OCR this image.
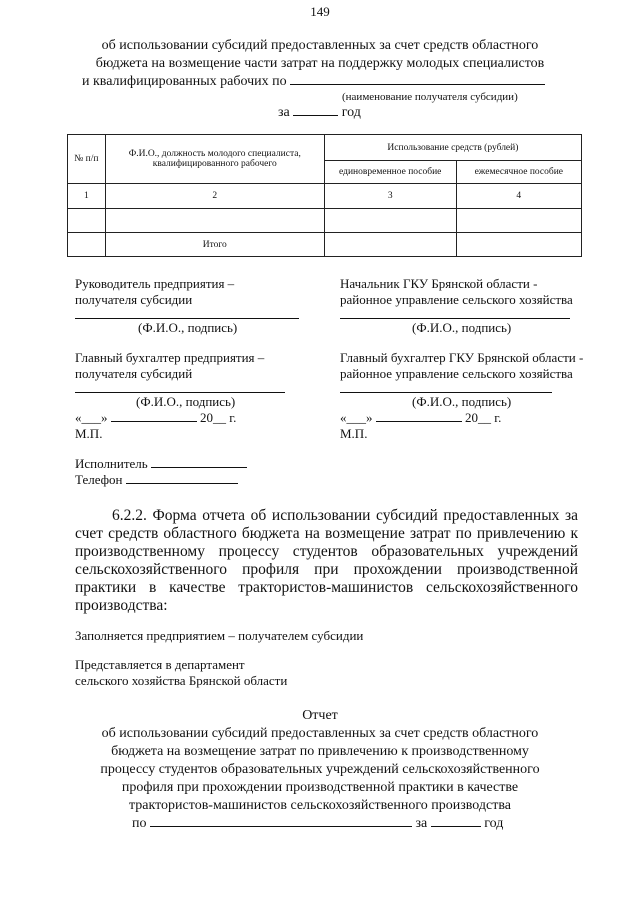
149
об использовании субсидий предоставленных за счет средств областного
бюджета на возмещение части затрат на поддержку молодых специалистов
и квалифицированных рабочих по
(наименование получателя субсидии)
за	год
№ п/п	Ф.И.О., должность молодого специалиста, квалифицированного рабочего	Использование средств (рублей)	
		единовременное пособие	ежемесячное пособие
1	2	3	4

	Итого		
Руководитель предприятия –
получателя субсидии
(Ф.И.О., подпись)
Начальник ГКУ Брянской области -
районное управление сельского хозяйства
(Ф.И.О., подпись)
Главный бухгалтер предприятия –
получателя субсидий
(Ф.И.О., подпись)
Главный бухгалтер ГКУ Брянской области -
районное управление сельского хозяйства
(Ф.И.О., подпись)
«___»	20__ г.
М.П.
«___»	20__ г.
М.П.
Исполнитель
Телефон
6.2.2. Форма отчета об использовании субсидий предоставленных за
счет средств областного бюджета на возмещение затрат по привлечению к
производственному процессу студентов образовательных учреждений
сельскохозяйственного профиля при прохождении производственной
практики в качестве трактористов-машинистов сельскохозяйственного
производства:
Заполняется предприятием – получателем субсидии
Представляется в департамент
сельского хозяйства Брянской области
Отчет
об использовании субсидий предоставленных за счет средств областного
бюджета на возмещение затрат по привлечению к производственному
процессу студентов образовательных учреждений сельскохозяйственного
профиля при прохождении производственной практики в качестве
трактористов-машинистов сельскохозяйственного производства
по	за	год
